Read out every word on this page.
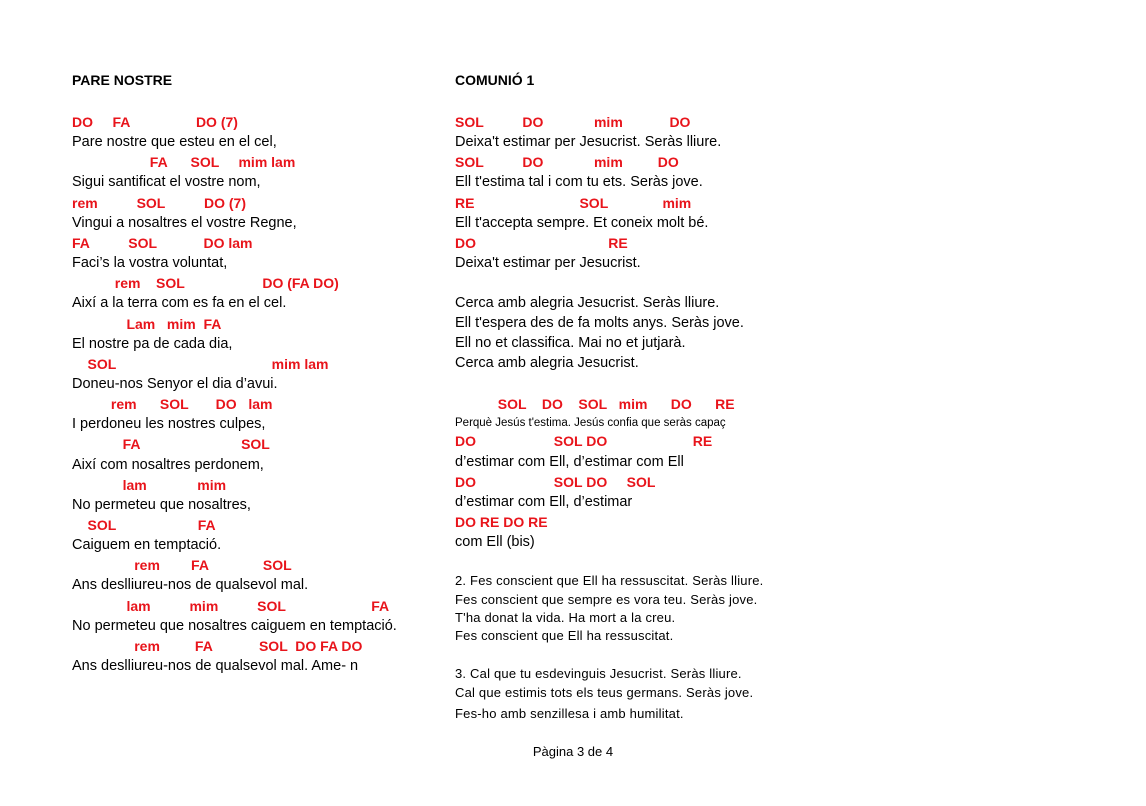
PARE NOSTRE
DO     FA                 DO (7)
Pare nostre que esteu en el cel,
FA      SOL     mim lam
Sigui santificat el vostre nom,
rem          SOL          DO (7)
Vingui a nosaltres el vostre Regne,
FA          SOL            DO lam
Faci’s la vostra voluntat,
rem    SOL                    DO (FA DO)
Així a la terra com es fa en el cel.
Lam   mim  FA
El nostre pa de cada dia,
SOL                                        mim lam
Doneu-nos Senyor el dia d’avui.
rem      SOL       DO   lam
I perdoneu les nostres culpes,
FA                          SOL
Així com nosaltres perdonem,
lam             mim
No permeteu que nosaltres,
SOL                     FA
Caiguem en temptació.
rem        FA              SOL
Ans deslliureu-nos de qualsevol mal.
lam          mim          SOL                      FA
No permeteu que nosaltres caiguem en temptació.
rem         FA            SOL  DO FA DO
Ans deslliureu-nos de qualsevol mal. Ame- n
COMUNIÓ 1
SOL          DO             mim            DO
Deixa't estimar per Jesucrist. Seràs lliure.
SOL          DO             mim         DO
Ell t'estima tal i com tu ets. Seràs jove.
RE                           SOL              mim
Ell t'accepta sempre. Et coneix molt bé.
DO                                  RE
Deixa't estimar per Jesucrist.
Cerca amb alegria Jesucrist. Seràs lliure.
Ell t'espera des de fa molts anys. Seràs jove.
Ell no et classifica. Mai no et jutjarà.
Cerca amb alegria Jesucrist.
SOL    DO    SOL   mim      DO      RE
Perquè Jesús t'estima. Jesús confia que seràs capaç
DO                    SOL DO                      RE
d’estimar com Ell, d’estimar com Ell
DO                    SOL DO     SOL
d’estimar com Ell, d’estimar
DO RE DO RE
com Ell (bis)
2. Fes conscient que Ell ha ressuscitat. Seràs lliure.
Fes conscient que sempre es vora teu. Seràs jove.
T'ha donat la vida. Ha mort a la creu.
Fes conscient que Ell ha ressuscitat.
3. Cal que tu esdevinguis Jesucrist. Seràs lliure.
Cal que estimis tots els teus germans. Seràs jove.
Fes-ho amb senzillesa i amb humilitat.
Pàgina 3 de 4
